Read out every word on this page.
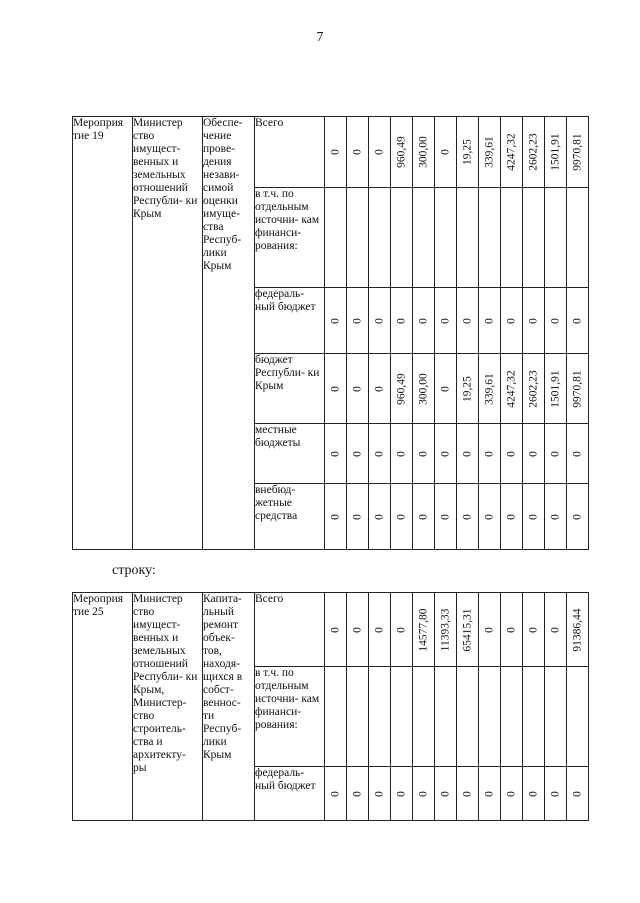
7
Мероприя тие 19	Министер ство имущест- венных и земельных отношений Республи- ки Крым	Обеспе- чение прове- дения незави- симой оценки имуще- ства Респуб- лики Крым	Всего	0	0	0	960,49	300,00	0	19,25	339,61	4247,32	2602,23	1501,91	9970,81

			в т.ч. по отдельным источни- кам финанси- рования:	

			федераль- ный бюджет	0	0	0	0	0	0	0	0	0	0	0	0

			бюджет Республи- ки Крым	0	0	0	960,49	300,00	0	19,25	339,61	4247,32	2602,23	1501,91	9970,81

			местные бюджеты	0	0	0	0	0	0	0	0	0	0	0	0

			внебюд- жетные средства	0	0	0	0	0	0	0	0	0	0	0	0
строку:
Мероприя тие 25	Министер ство имущест- венных и земельных отношений Республи- ки Крым, Министер- ство строитель- ства и архитекту- ры	Капита- льный ремонт объек- тов, находя- щихся в собст- веннос- ти Респуб- лики Крым	Всего	0	0	0	0	14577,80	11393,33	65415,31	0	0	0	0	91386,44

			в т.ч. по отдельным источни- кам финанси- рования:	

			федераль- ный бюджет	0	0	0	0	0	0	0	0	0	0	0	0
